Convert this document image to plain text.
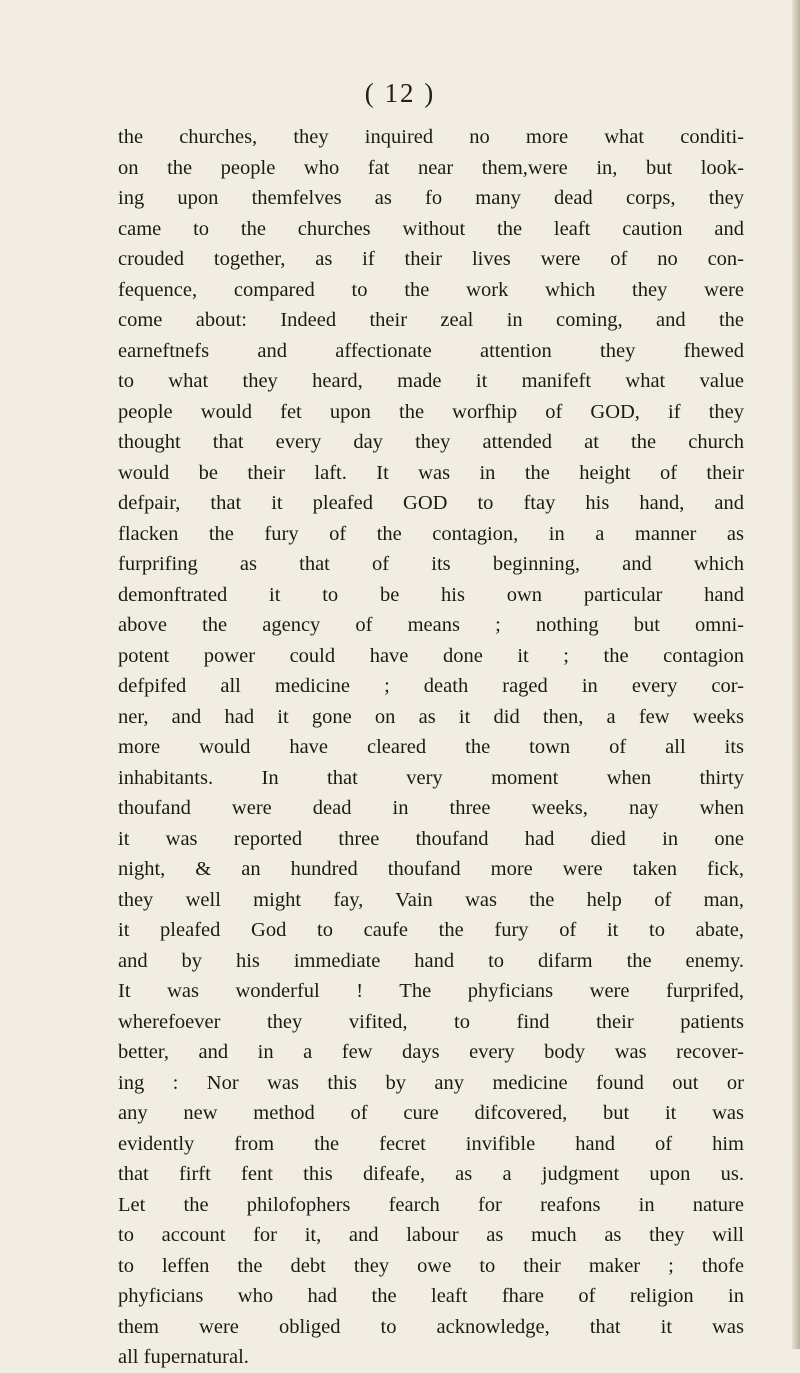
( 12 )
the churches, they inquired no more what conditi-
on the people who fat near them,were in, but look-
ing upon themfelves as fo many dead corps, they
came to the churches without the leaft caution and
crouded together, as if their lives were of no con-
fequence, compared to the work which they were
come about: Indeed their zeal in coming, and the
earneftnefs and affectionate attention they fhewed
to what they heard, made it manifeft what value
people would fet upon the worfhip of GOD, if they
thought that every day they attended at the church
would be their laft. It was in the height of their
defpair, that it pleafed GOD to ftay his hand, and
flacken the fury of the contagion, in a manner as
furprifing as that of its beginning, and which
demonftrated it to be his own particular hand
above the agency of means ; nothing but omni-
potent power could have done it ; the contagion
defpifed all medicine ; death raged in every cor-
ner, and had it gone on as it did then, a few weeks
more would have cleared the town of all its
inhabitants. In that very moment when thirty
thoufand were dead in three weeks, nay when
it was reported three thoufand had died in one
night, & an hundred thoufand more were taken fick,
they well might fay, Vain was the help of man,
it pleafed God to caufe the fury of it to abate,
and by his immediate hand to difarm the enemy.
It was wonderful ! The phyficians were furprifed,
wherefoever they vifited, to find their patients
better, and in a few days every body was recover-
ing : Nor was this by any medicine found out or
any new method of cure difcovered, but it was
evidently from the fecret invifible hand of him
that firft fent this difeafe, as a judgment upon us.
Let the philofophers fearch for reafons in nature
to account for it, and labour as much as they will
to leffen the debt they owe to their maker ; thofe
phyficians who had the leaft fhare of religion in
them were obliged to acknowledge, that it was
all fupernatural.
